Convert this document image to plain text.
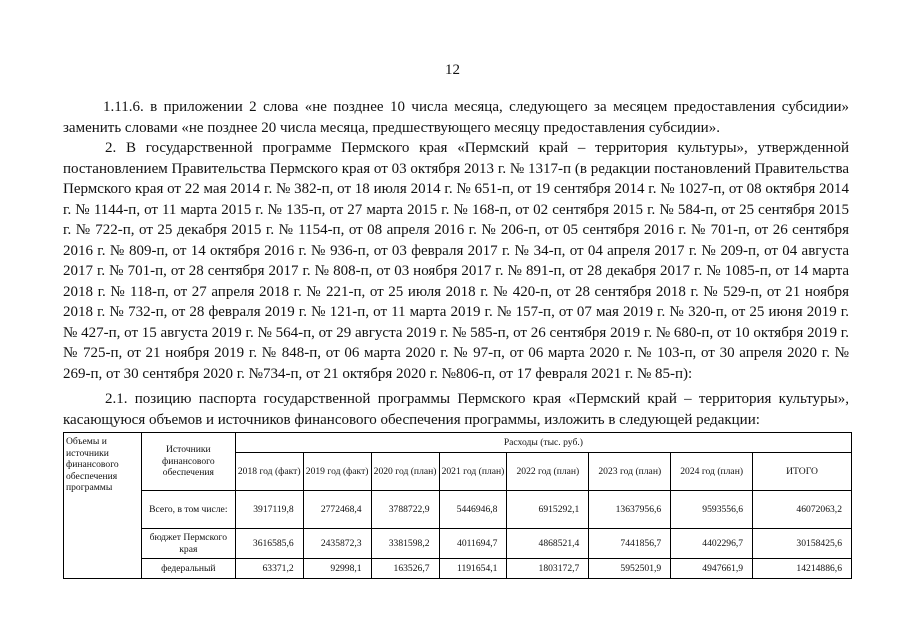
12

1.11.6. в приложении 2 слова «не позднее 10 числа месяца, следующего за месяцем предоставления субсидии» заменить словами «не позднее 20 числа месяца, предшествующего месяцу предоставления субсидии».

2. В государственной программе Пермского края «Пермский край – территория культуры», утвержденной постановлением Правительства Пермского края от 03 октября 2013 г. № 1317-п (в редакции постановлений Правительства Пермского края от 22 мая 2014 г. № 382-п, от 18 июля 2014 г. № 651-п, от 19 сентября 2014 г. № 1027-п, от 08 октября 2014 г. № 1144-п, от 11 марта 2015 г. № 135-п, от 27 марта 2015 г. № 168-п, от 02 сентября 2015 г. № 584-п, от 25 сентября 2015 г. № 722-п, от 25 декабря 2015 г. № 1154-п, от 08 апреля 2016 г. № 206-п, от 05 сентября 2016 г. № 701-п, от 26 сентября 2016 г. № 809-п, от 14 октября 2016 г. № 936-п, от 03 февраля 2017 г. № 34-п, от 04 апреля 2017 г. № 209-п, от 04 августа 2017 г. № 701-п, от 28 сентября 2017 г. № 808-п, от 03 ноября 2017 г. № 891-п, от 28 декабря 2017 г. № 1085-п, от 14 марта 2018 г. № 118-п, от 27 апреля 2018 г. № 221-п, от 25 июля 2018 г. № 420-п, от 28 сентября 2018 г. № 529-п, от 21 ноября 2018 г. № 732-п, от 28 февраля 2019 г. № 121-п, от 11 марта 2019 г. № 157-п, от 07 мая 2019 г. № 320-п, от 25 июня 2019 г. № 427-п, от 15 августа 2019 г. № 564-п, от 29 августа 2019 г. № 585-п, от 26 сентября 2019 г. № 680-п, от 10 октября 2019 г. № 725-п, от 21 ноября 2019 г. № 848-п, от 06 марта 2020 г. № 97-п, от 06 марта 2020 г. № 103-п, от 30 апреля 2020 г. № 269-п, от 30 сентября 2020 г. №734-п, от 21 октября 2020 г. №806-п, от 17 февраля 2021 г. № 85-п):

2.1. позицию паспорта государственной программы Пермского края «Пермский край – территория культуры», касающуюся объемов и источников финансового обеспечения программы, изложить в следующей редакции:

Объемы и источники финансового обеспечения программы	Источники финансового обеспечения	Расходы (тыс. руб.)							
		2018 год (факт)	2019 год (факт)	2020 год (план)	2021 год (план)	2022 год (план)	2023 год (план)	2024 год (план)	ИТОГО
	Всего, в том числе:	3917119,8	2772468,4	3788722,9	5446946,8	6915292,1	13637956,6	9593556,6	46072063,2
	бюджет Пермского края	3616585,6	2435872,3	3381598,2	4011694,7	4868521,4	7441856,7	4402296,7	30158425,6
	федеральный	63371,2	92998,1	163526,7	1191654,1	1803172,7	5952501,9	4947661,9	14214886,6
